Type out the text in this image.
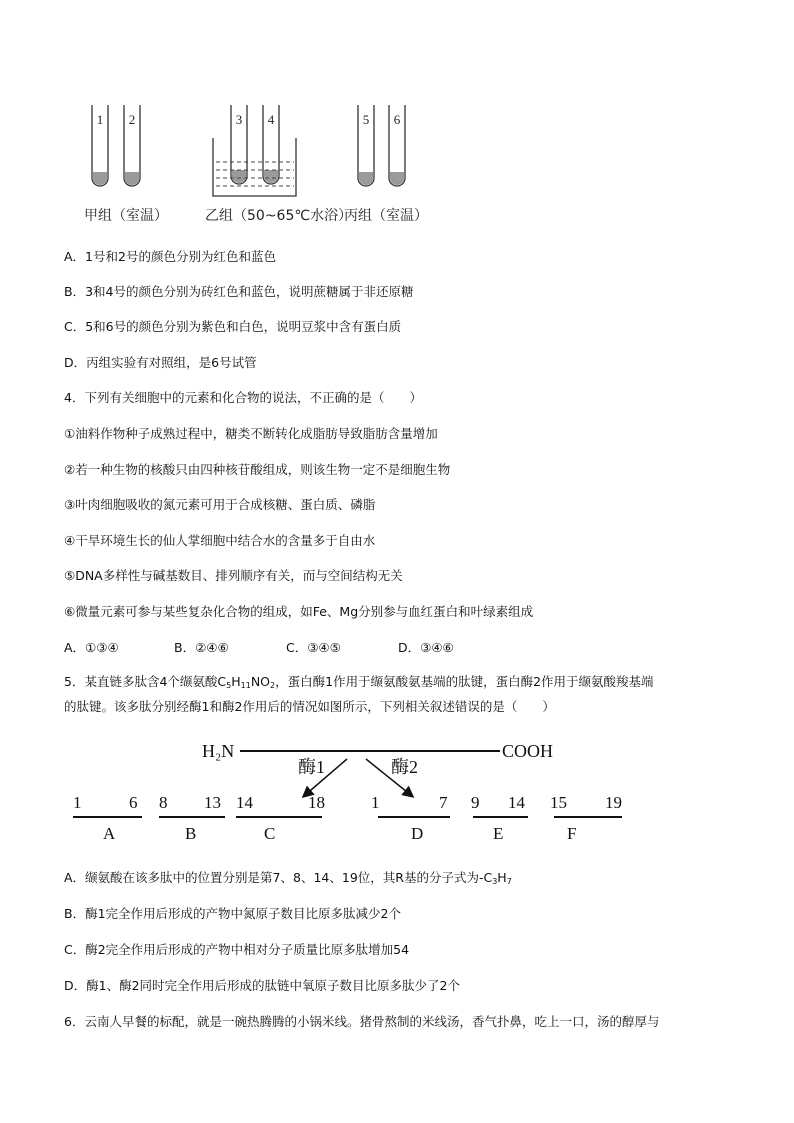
1 2	3 4	5 6
甲组（室温）	乙组（50~65℃水浴）
丙组（室温）
A．1号和2号的颜色分别为红色和蓝色
B．3和4号的颜色分别为砖红色和蓝色，说明蔗糖属于非还原糖
C．5和6号的颜色分别为紫色和白色，说明豆浆中含有蛋白质
D．丙组实验有对照组，是6号试管
4．下列有关细胞中的元素和化合物的说法，不正确的是（　　）
①油料作物种子成熟过程中，糖类不断转化成脂肪导致脂肪含量增加
②若一种生物的核酸只由四种核苷酸组成，则该生物一定不是细胞生物
③叶肉细胞吸收的氮元素可用于合成核糖、蛋白质、磷脂
④干旱环境生长的仙人掌细胞中结合水的含量多于自由水
⑤DNA多样性与碱基数目、排列顺序有关，而与空间结构无关
⑥微量元素可参与某些复杂化合物的组成，如Fe、Mg分别参与血红蛋白和叶绿素组成
A．①③④	B．②④⑥	C．③④⑤	D．③④⑥
5．某直链多肽含4个缬氨酸$C_5H_{11}NO_2$，蛋白酶1作用于缬氨酸氨基端的肽键，蛋白酶2作用于缬氨酸羧基端
的肽键。该多肽分别经酶1和酶2作用后的情况如图所示，下列相关叙述错误的是（　　）
H₂N	COOH
酶1	酶2
1	6
A
8 13
B
14	18
C
1	7
D
9 14
E
15 19
F
A．缬氨酸在该多肽中的位置分别是第7、8、14、19位，其R基的分子式为$-C_3H_7$
B．酶1完全作用后形成的产物中氮原子数目比原多肽减少2个
C．酶2完全作用后形成的产物中相对分子质量比原多肽增加54
D．酶1、酶2同时完全作用后形成的肽链中氧原子数目比原多肽少了2个
6．云南人早餐的标配，就是一碗热腾腾的小锅米线。猪骨熬制的米线汤，香气扑鼻，吃上一口，汤的醇厚与
